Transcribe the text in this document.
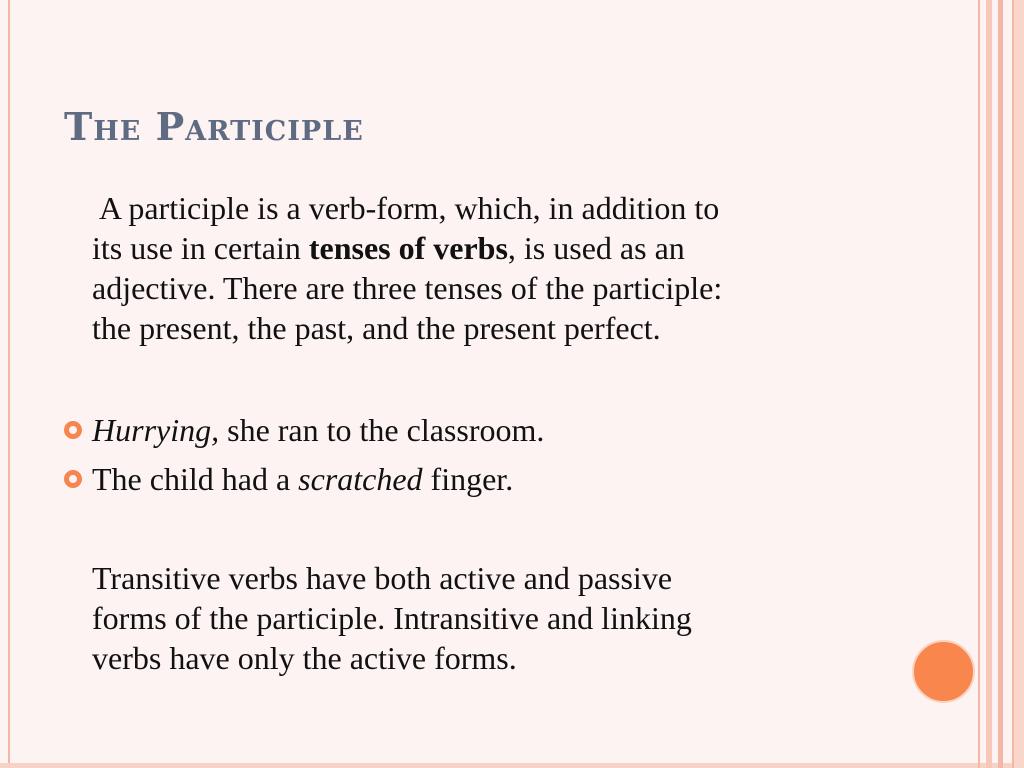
The Participle
A participle is a verb-form, which, in addition to
its use in certain tenses of verbs, is used as an
adjective. There are three tenses of the participle:
the present, the past, and the present perfect.
Hurrying, she ran to the classroom.
The child had a scratched finger.
Transitive verbs have both active and passive
forms of the participle. Intransitive and linking
verbs have only the active forms.
